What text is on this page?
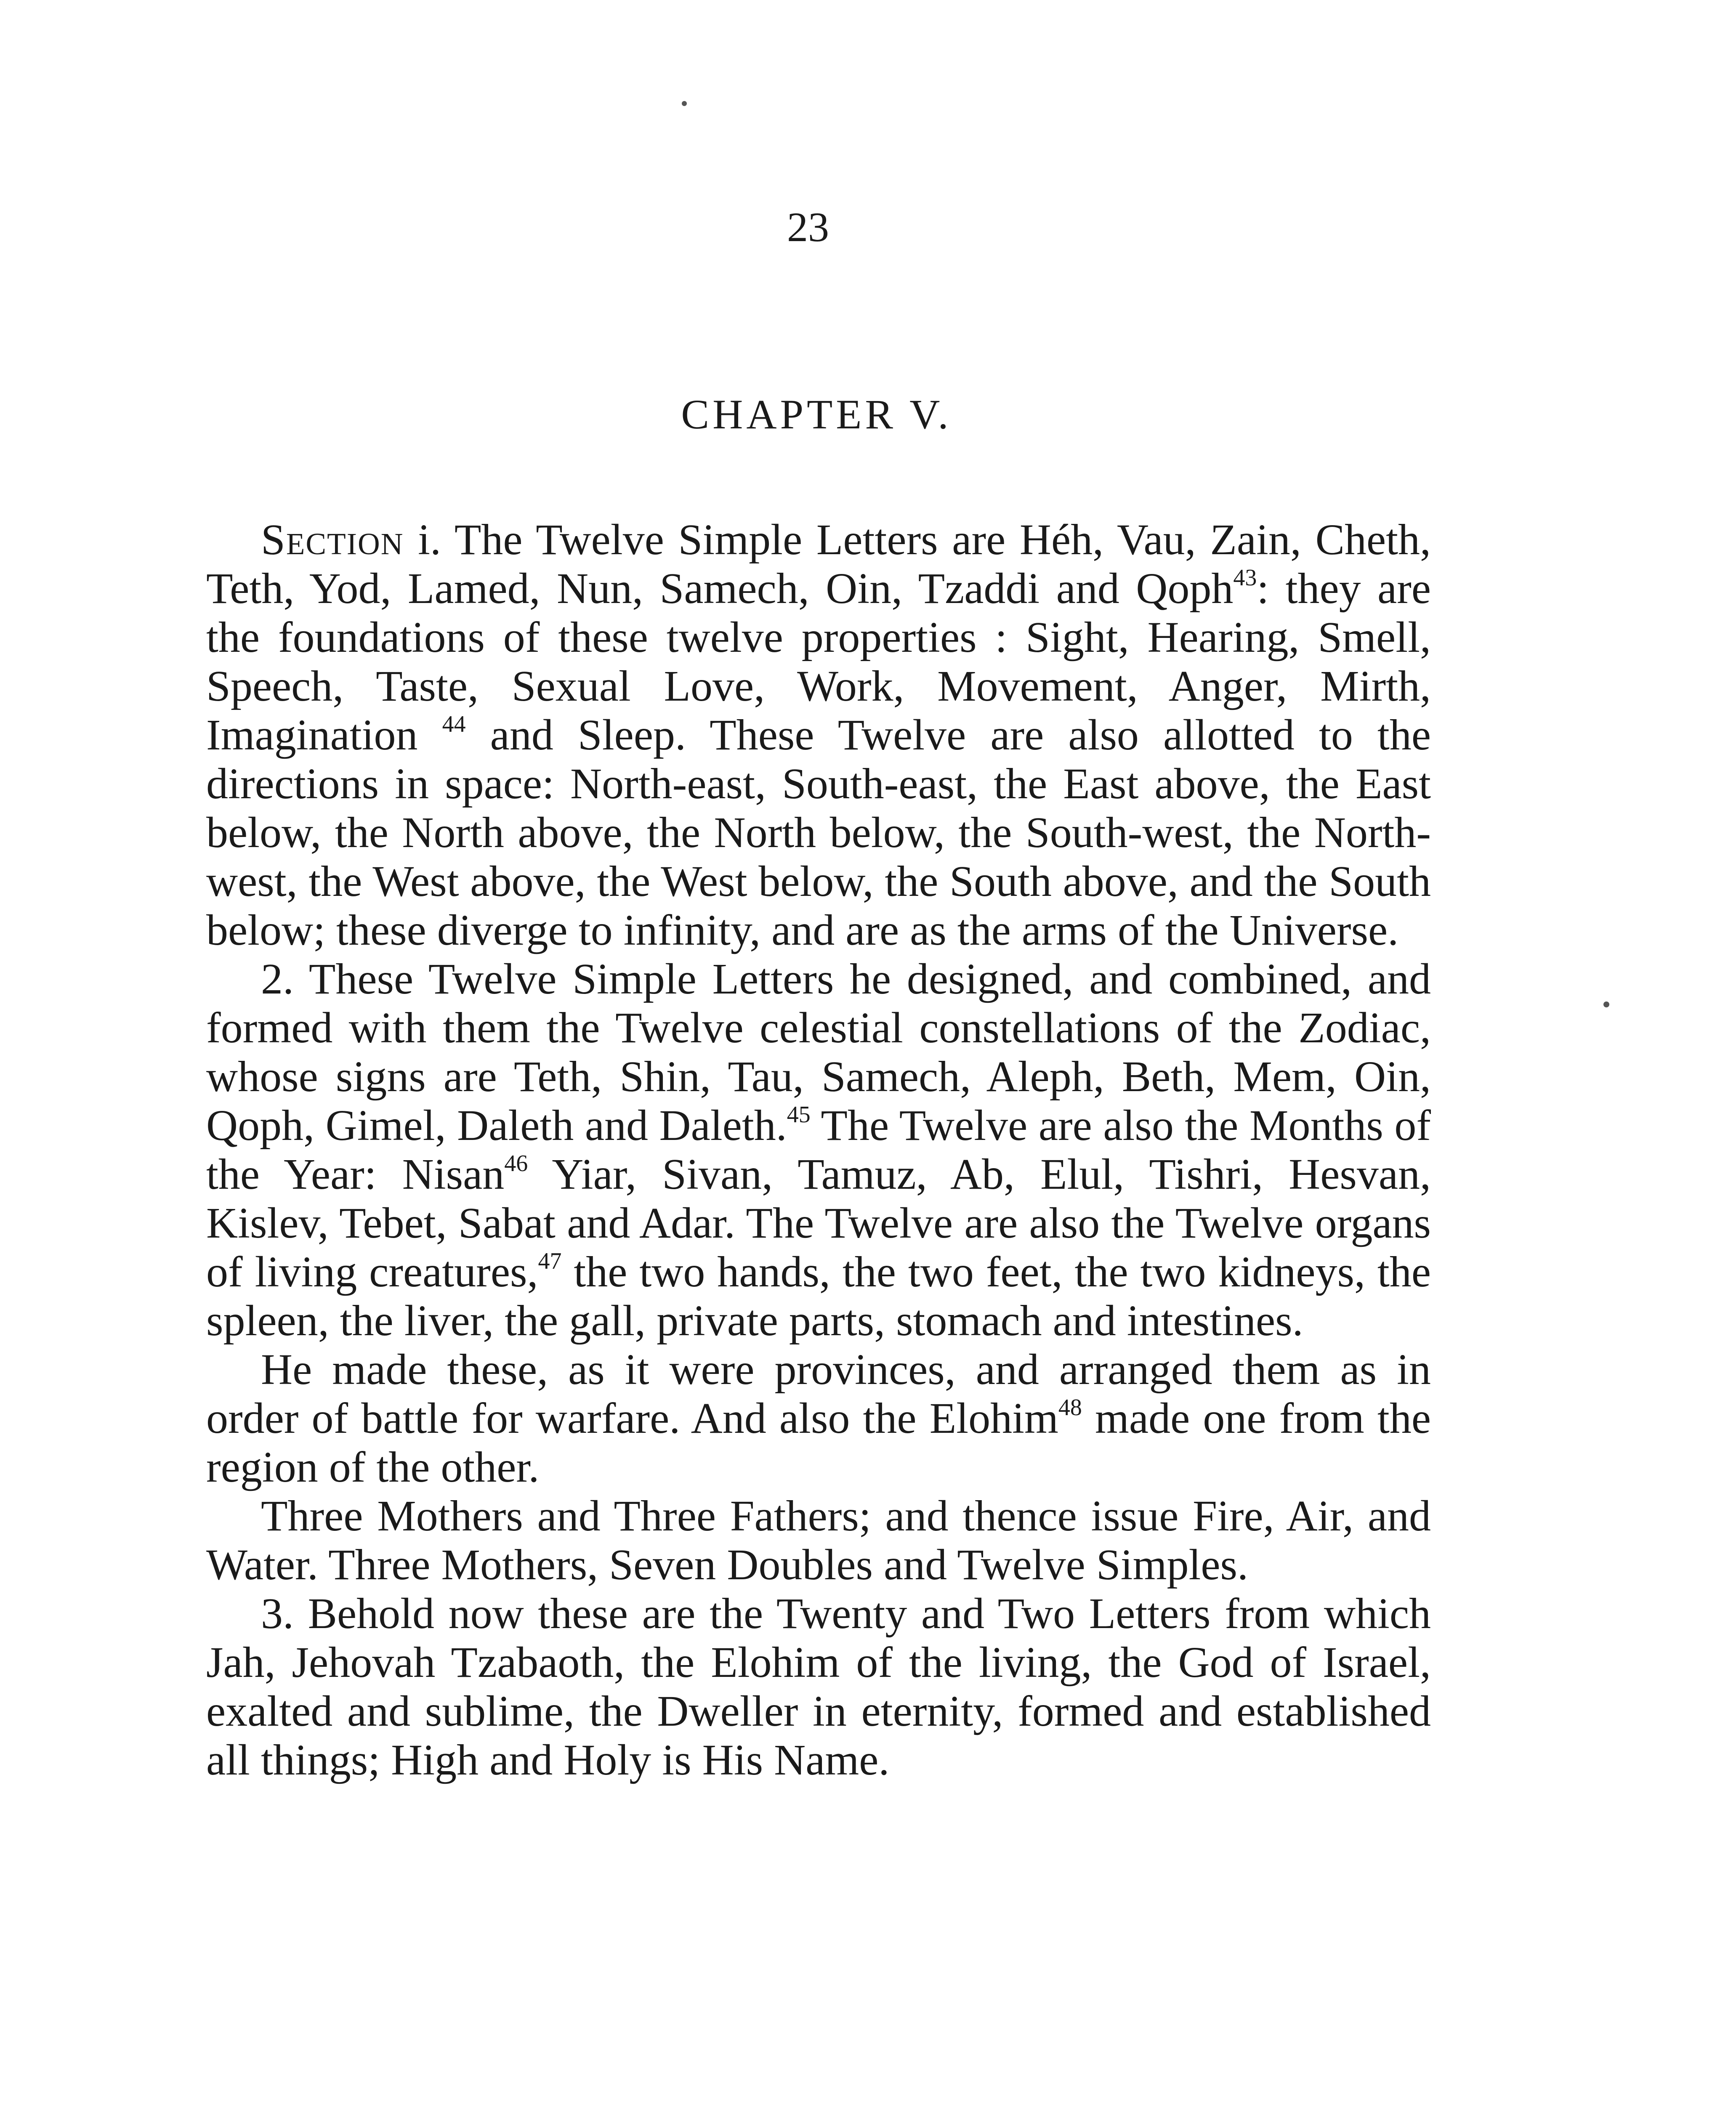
23
CHAPTER V.

Section i. The Twelve Simple Letters are Héh, Vau, Zain, Cheth, Teth, Yod, Lamed, Nun, Samech, Oin, Tzaddi and Qoph$^{43}$: they are the foundations of these twelve properties : Sight, Hearing, Smell, Speech, Taste, Sexual Love, Work, Movement, Anger, Mirth, Imagination $^{44}$ and Sleep. These Twelve are also allotted to the directions in space: North-east, South-east, the East above, the East below, the North above, the North below, the South-west, the North-west, the West above, the West below, the South above, and the South below; these diverge to infinity, and are as the arms of the Universe.

2. These Twelve Simple Letters he designed, and combined, and formed with them the Twelve celestial constellations of the Zodiac, whose signs are Teth, Shin, Tau, Samech, Aleph, Beth, Mem, Oin, Qoph, Gimel, Daleth and Daleth.$^{45}$ The Twelve are also the Months of the Year: Nisan$^{46}$ Yiar, Sivan, Tamuz, Ab, Elul, Tishri, Hesvan, Kislev, Tebet, Sabat and Adar. The Twelve are also the Twelve organs of living creatures,$^{47}$ the two hands, the two feet, the two kidneys, the spleen, the liver, the gall, private parts, stomach and intestines.

He made these, as it were provinces, and arranged them as in order of battle for warfare. And also the Elohim$^{48}$ made one from the region of the other.

Three Mothers and Three Fathers; and thence issue Fire, Air, and Water. Three Mothers, Seven Doubles and Twelve Simples.

3. Behold now these are the Twenty and Two Letters from which Jah, Jehovah Tzabaoth, the Elohim of the living, the God of Israel, exalted and sublime, the Dweller in eternity, formed and established all things; High and Holy is His Name.
